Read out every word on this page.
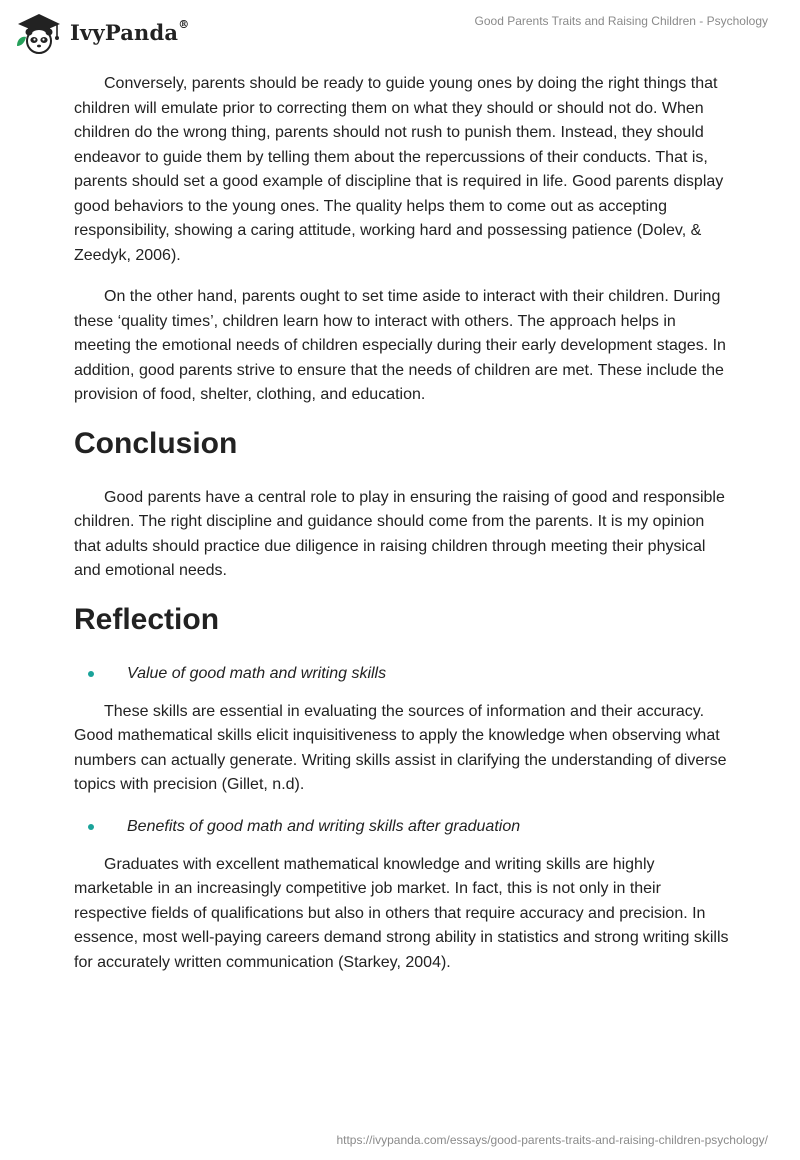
IvyPanda®	Good Parents Traits and Raising Children - Psychology

Conversely, parents should be ready to guide young ones by doing the right things that children will emulate prior to correcting them on what they should or should not do. When children do the wrong thing, parents should not rush to punish them. Instead, they should endeavor to guide them by telling them about the repercussions of their conducts. That is, parents should set a good example of discipline that is required in life. Good parents display good behaviors to the young ones. The quality helps them to come out as accepting responsibility, showing a caring attitude, working hard and possessing patience (Dolev, & Zeedyk, 2006).

On the other hand, parents ought to set time aside to interact with their children. During these ‘quality times’, children learn how to interact with others. The approach helps in meeting the emotional needs of children especially during their early development stages. In addition, good parents strive to ensure that the needs of children are met. These include the provision of food, shelter, clothing, and education.

Conclusion

Good parents have a central role to play in ensuring the raising of good and responsible children. The right discipline and guidance should come from the parents. It is my opinion that adults should practice due diligence in raising children through meeting their physical and emotional needs.

Reflection
Value of good math and writing skills

These skills are essential in evaluating the sources of information and their accuracy. Good mathematical skills elicit inquisitiveness to apply the knowledge when observing what numbers can actually generate. Writing skills assist in clarifying the understanding of diverse topics with precision (Gillet, n.d).

Benefits of good math and writing skills after graduation

Graduates with excellent mathematical knowledge and writing skills are highly marketable in an increasingly competitive job market. In fact, this is not only in their respective fields of qualifications but also in others that require accuracy and precision. In essence, most well-paying careers demand strong ability in statistics and strong writing skills for accurately written communication (Starkey, 2004).

https://ivypanda.com/essays/good-parents-traits-and-raising-children-psychology/
